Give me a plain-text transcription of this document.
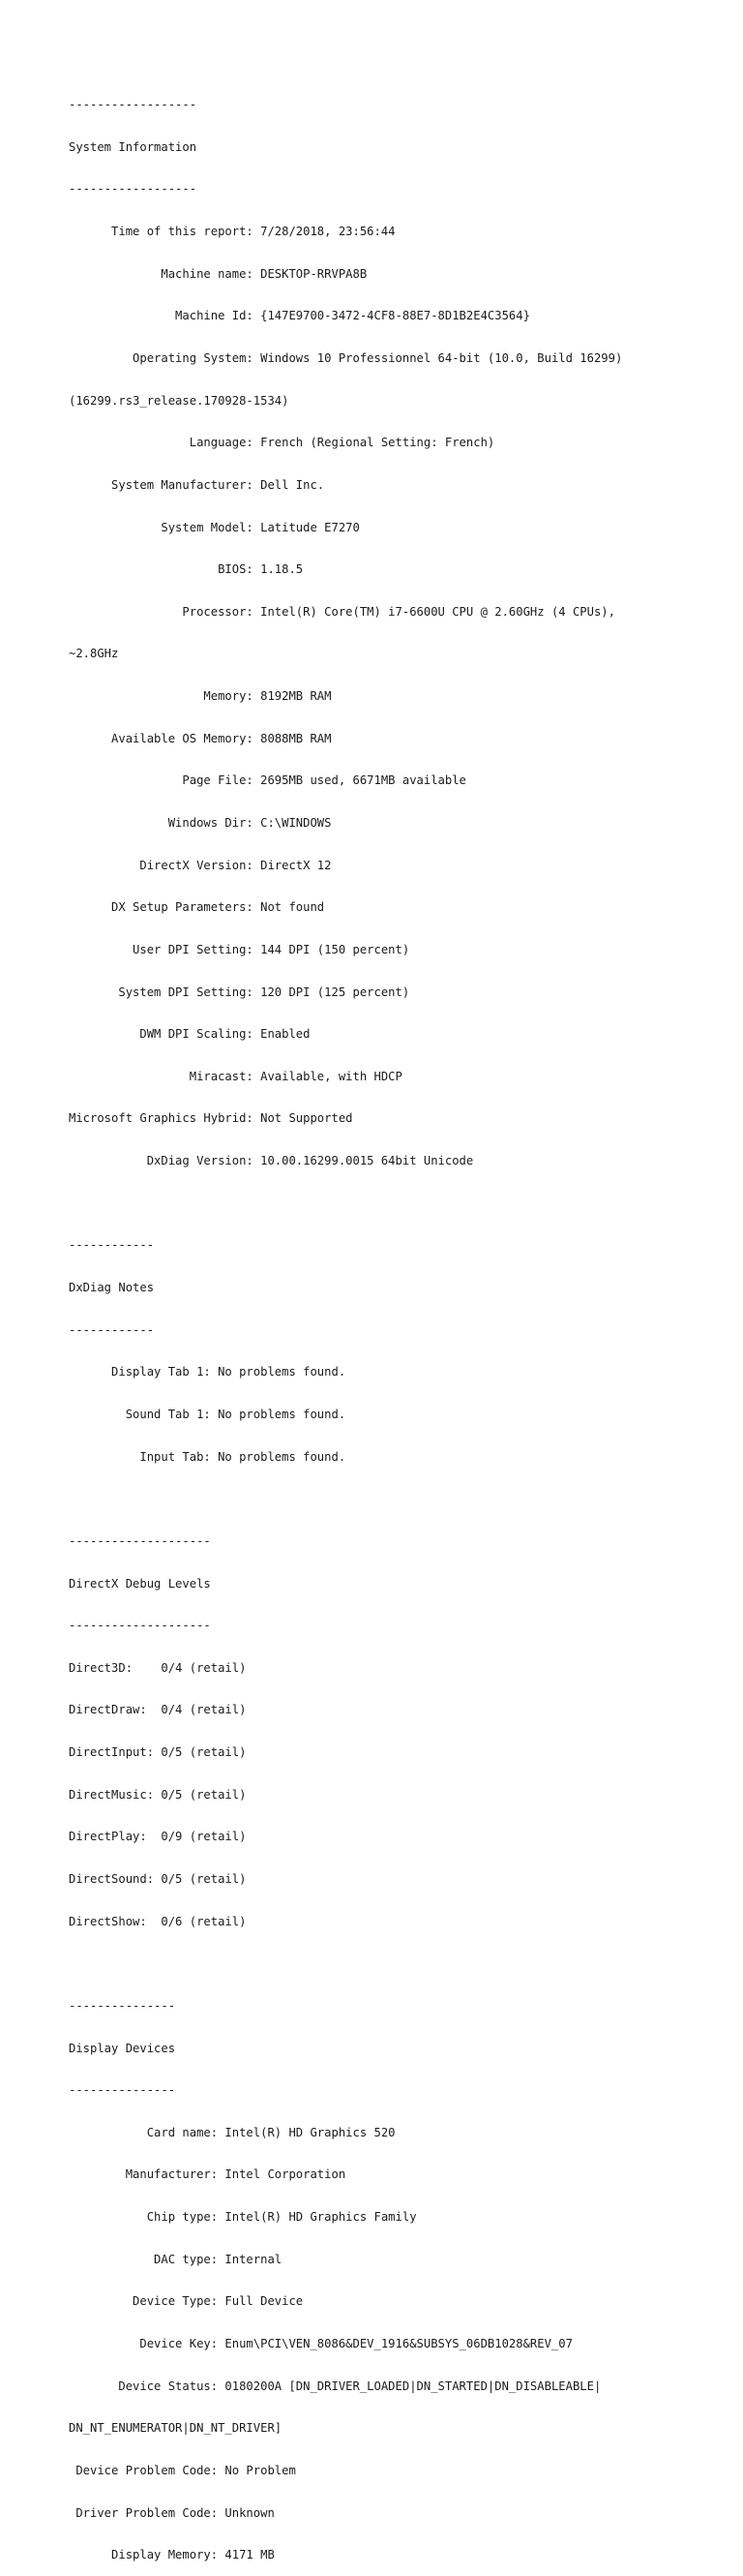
------------------

System Information

------------------

Time of this report: 7/28/2018, 23:56:44

Machine name: DESKTOP-RRVPA8B

Machine Id: {147E9700-3472-4CF8-88E7-8D1B2E4C3564}

Operating System: Windows 10 Professionnel 64-bit (10.0, Build 16299)

(16299.rs3_release.170928-1534)

Language: French (Regional Setting: French)

System Manufacturer: Dell Inc.

System Model: Latitude E7270

BIOS: 1.18.5

Processor: Intel(R) Core(TM) i7-6600U CPU @ 2.60GHz (4 CPUs),

~2.8GHz

Memory: 8192MB RAM

Available OS Memory: 8088MB RAM

Page File: 2695MB used, 6671MB available

Windows Dir: C:\WINDOWS

DirectX Version: DirectX 12

DX Setup Parameters: Not found

User DPI Setting: 144 DPI (150 percent)

System DPI Setting: 120 DPI (125 percent)

DWM DPI Scaling: Enabled

Miracast: Available, with HDCP

Microsoft Graphics Hybrid: Not Supported

DxDiag Version: 10.00.16299.0015 64bit Unicode

------------

DxDiag Notes

------------

Display Tab 1: No problems found.

Sound Tab 1: No problems found.

Input Tab: No problems found.

--------------------

DirectX Debug Levels

--------------------

Direct3D:    0/4 (retail)

DirectDraw:  0/4 (retail)

DirectInput: 0/5 (retail)

DirectMusic: 0/5 (retail)

DirectPlay:  0/9 (retail)

DirectSound: 0/5 (retail)

DirectShow:  0/6 (retail)

---------------

Display Devices

---------------

Card name: Intel(R) HD Graphics 520

Manufacturer: Intel Corporation

Chip type: Intel(R) HD Graphics Family

DAC type: Internal

Device Type: Full Device

Device Key: Enum\PCI\VEN_8086&DEV_1916&SUBSYS_06DB1028&REV_07

Device Status: 0180200A [DN_DRIVER_LOADED|DN_STARTED|DN_DISABLEABLE|

DN_NT_ENUMERATOR|DN_NT_DRIVER]

Device Problem Code: No Problem

Driver Problem Code: Unknown

Display Memory: 4171 MB
